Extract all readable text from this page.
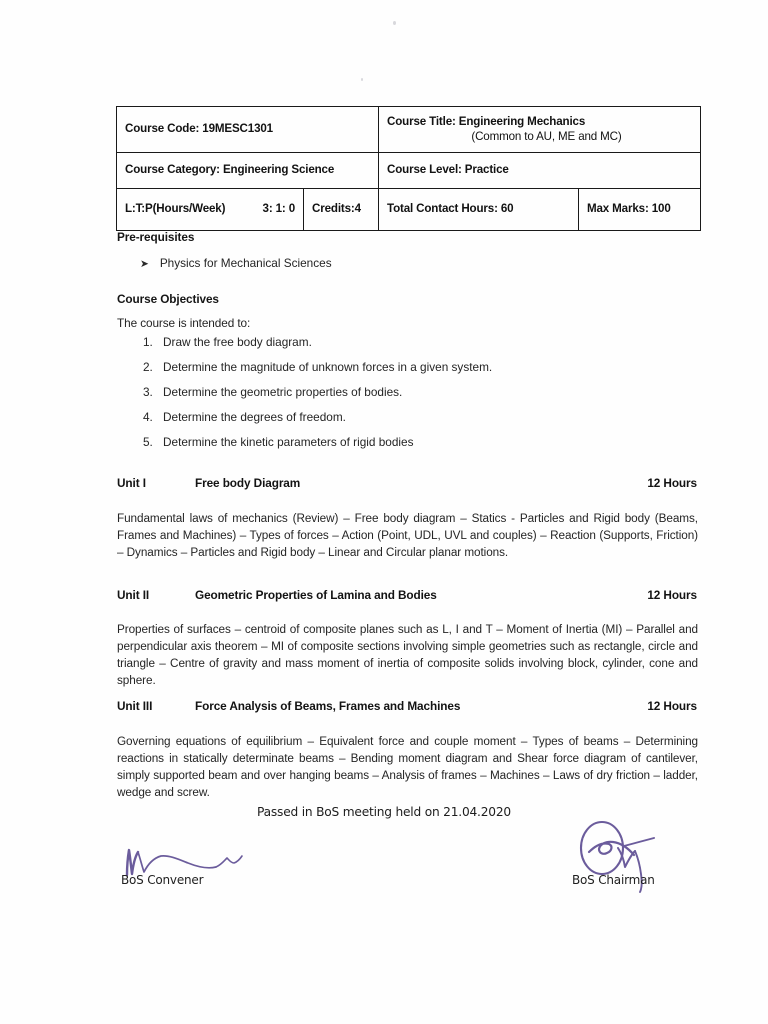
Course Code: 19MESC1301		Course Title: Engineering Mechanics
(Common to AU, ME and MC)	

Course Category: Engineering Science		Course Level: Practice	

L:T:P(Hours/Week) 3: 1: 0	Credits:4	Total Contact Hours: 60	Max Marks: 100
Pre-requisites
➤ Physics for Mechanical Sciences
Course Objectives
The course is intended to:
1. Draw the free body diagram.
2. Determine the magnitude of unknown forces in a given system.
3. Determine the geometric properties of bodies.
4. Determine the degrees of freedom.
5. Determine the kinetic parameters of rigid bodies
Unit I	Free body Diagram	12 Hours
Fundamental laws of mechanics (Review) – Free body diagram – Statics - Particles and Rigid body (Beams, Frames and Machines) – Types of forces – Action (Point, UDL, UVL and couples) – Reaction (Supports, Friction) – Dynamics – Particles and Rigid body – Linear and Circular planar motions.
Unit II	Geometric Properties of Lamina and Bodies	12 Hours
Properties of surfaces – centroid of composite planes such as L, I and T – Moment of Inertia (MI) – Parallel and perpendicular axis theorem – MI of composite sections involving simple geometries such as rectangle, circle and triangle – Centre of gravity and mass moment of inertia of composite solids involving block, cylinder, cone and sphere.
Unit III	Force Analysis of Beams, Frames and Machines	12 Hours
Governing equations of equilibrium – Equivalent force and couple moment – Types of beams – Determining reactions in statically determinate beams – Bending moment diagram and Shear force diagram of cantilever, simply supported beam and over hanging beams – Analysis of frames – Machines – Laws of dry friction – ladder, wedge and screw.
Passed in BoS meeting held on 21.04.2020
BoS Convener	BoS Chairman
